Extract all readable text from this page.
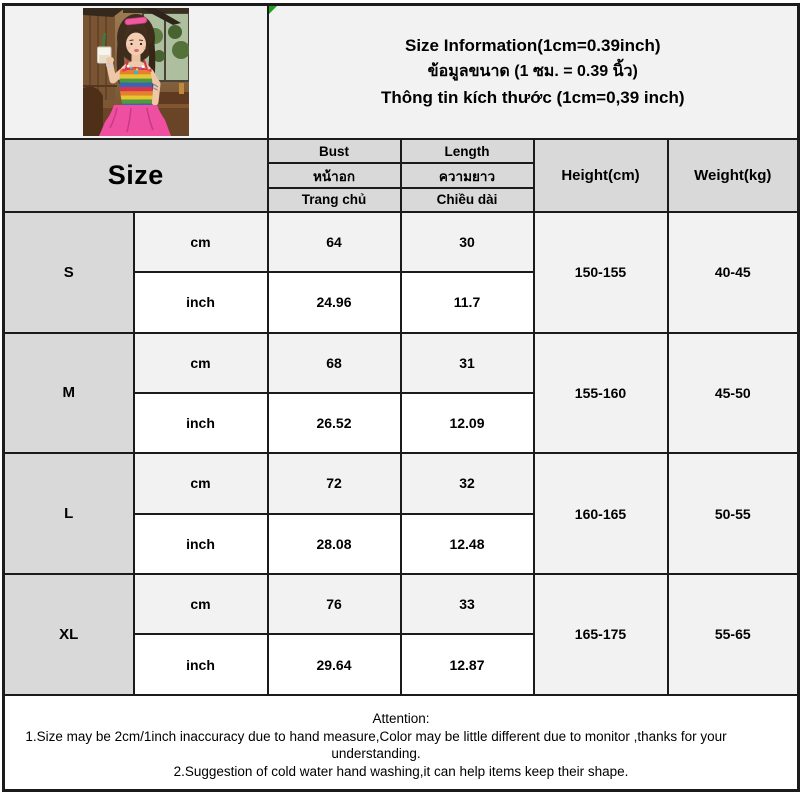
Size Information(1cm=0.39inch)
ข้อมูลขนาด (1 ซม. = 0.39 นิ้ว)
Thông tin kích thước (1cm=0,39 inch)			

Size		Bust	Length	Height(cm)	Weight(kg)
		หน้าอก	ความยาว		
		Trang chủ	Chiều dài		
S	cm	64	30	150-155	40-45
	inch	24.96	11.7		
M	cm	68	31	155-160	45-50
	inch	26.52	12.09		
L	cm	72	32	160-165	50-55
	inch	28.08	12.48		
XL	cm	76	33	165-175	55-65
	inch	29.64	12.87		

Attention:

1.Size may be 2cm/1inch inaccuracy due to hand measure,Color may be little different due to monitor ,thanks for your understanding.

2.Suggestion of cold water hand washing,it can help items keep their shape.					
